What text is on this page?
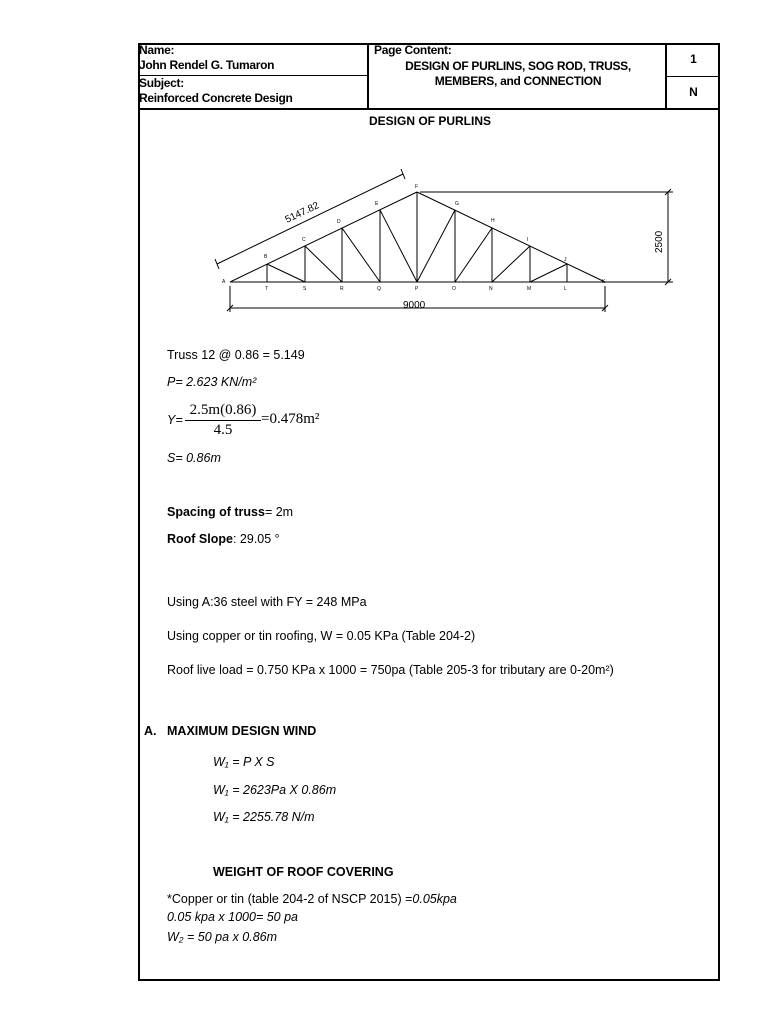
Name:
John Rendel G. Tumaron
Subject:
Reinforced Concrete Design
Page Content:
DESIGN OF PURLINS, SOG ROD, TRUSS,
MEMBERS, and CONNECTION
1
N
DESIGN OF PURLINS
A
B
C
D
E
F
G
H
I
J
K
T	S	R	Q	P	O	N	M	L
5147.82
2500
9000
Truss 12 @ 0.86 = 5.149
P= 2.623 KN/m²
Y=
2.5m(0.86)
4.5
=0.478m²
S= 0.86m
Spacing of truss= 2m
Roof Slope: 29.05 °
Using A:36 steel with FY = 248 MPa
Using copper or tin roofing, W = 0.05 KPa (Table 204-2)
Roof live load = 0.750 KPa x 1000 = 750pa (Table 205-3 for tributary are 0-20m²)
A. MAXIMUM DESIGN WIND
W₁ = P X S
W₁ = 2623Pa X 0.86m
W₁ = 2255.78 N/m
WEIGHT OF ROOF COVERING
*Copper or tin (table 204-2 of NSCP 2015) =0.05kpa
0.05 kpa x 1000= 50 pa
W₂ = 50 pa x 0.86m
